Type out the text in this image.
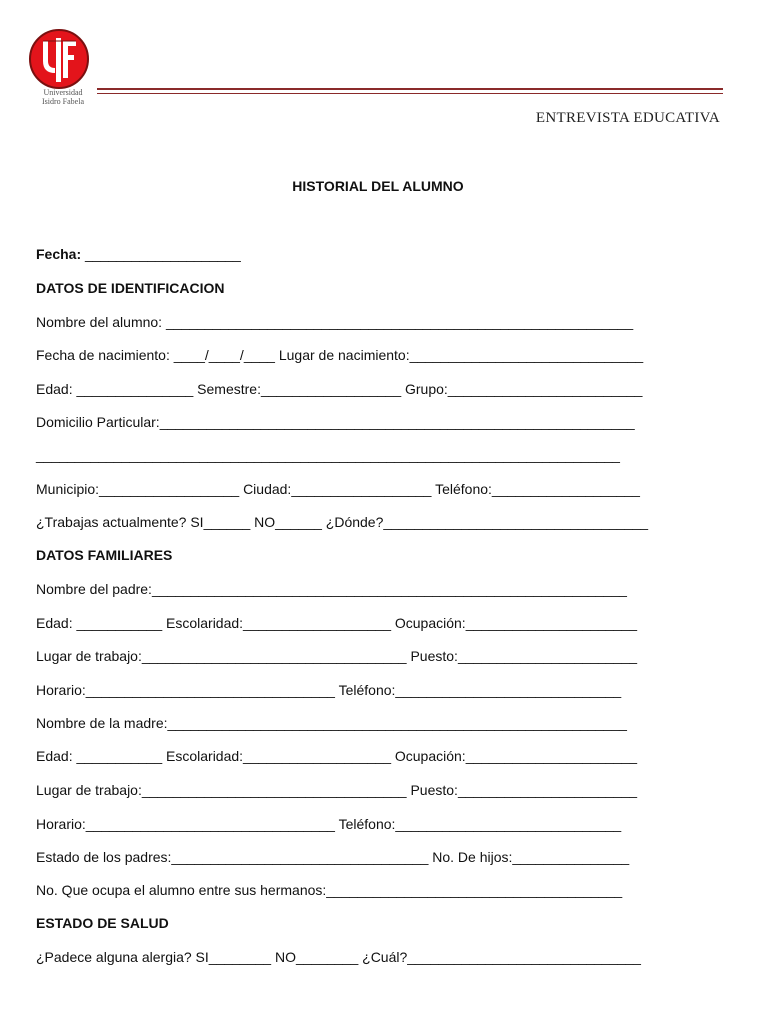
Universidad
Isidro Fabela
ENTREVISTA EDUCATIVA
HISTORIAL DEL ALUMNO
Fecha: ____________________
DATOS DE IDENTIFICACION
Nombre del alumno: ____________________________________________________________
Fecha de nacimiento: ____/____/____ Lugar de nacimiento:______________________________
Edad: _______________ Semestre:__________________ Grupo:_________________________
Domicilio Particular:_____________________________________________________________
___________________________________________________________________________
Municipio:__________________ Ciudad:__________________ Teléfono:___________________
¿Trabajas actualmente? SI______ NO______ ¿Dónde?__________________________________
DATOS FAMILIARES
Nombre del padre:_____________________________________________________________
Edad: ___________ Escolaridad:___________________ Ocupación:______________________
Lugar de trabajo:__________________________________ Puesto:_______________________
Horario:________________________________ Teléfono:_____________________________
Nombre de la madre:___________________________________________________________
Edad: ___________ Escolaridad:___________________ Ocupación:______________________
Lugar de trabajo:__________________________________ Puesto:_______________________
Horario:________________________________ Teléfono:_____________________________
Estado de los padres:_________________________________ No. De hijos:_______________
No. Que ocupa el alumno entre sus hermanos:______________________________________
ESTADO DE SALUD
¿Padece alguna alergia? SI________ NO________ ¿Cuál?______________________________
